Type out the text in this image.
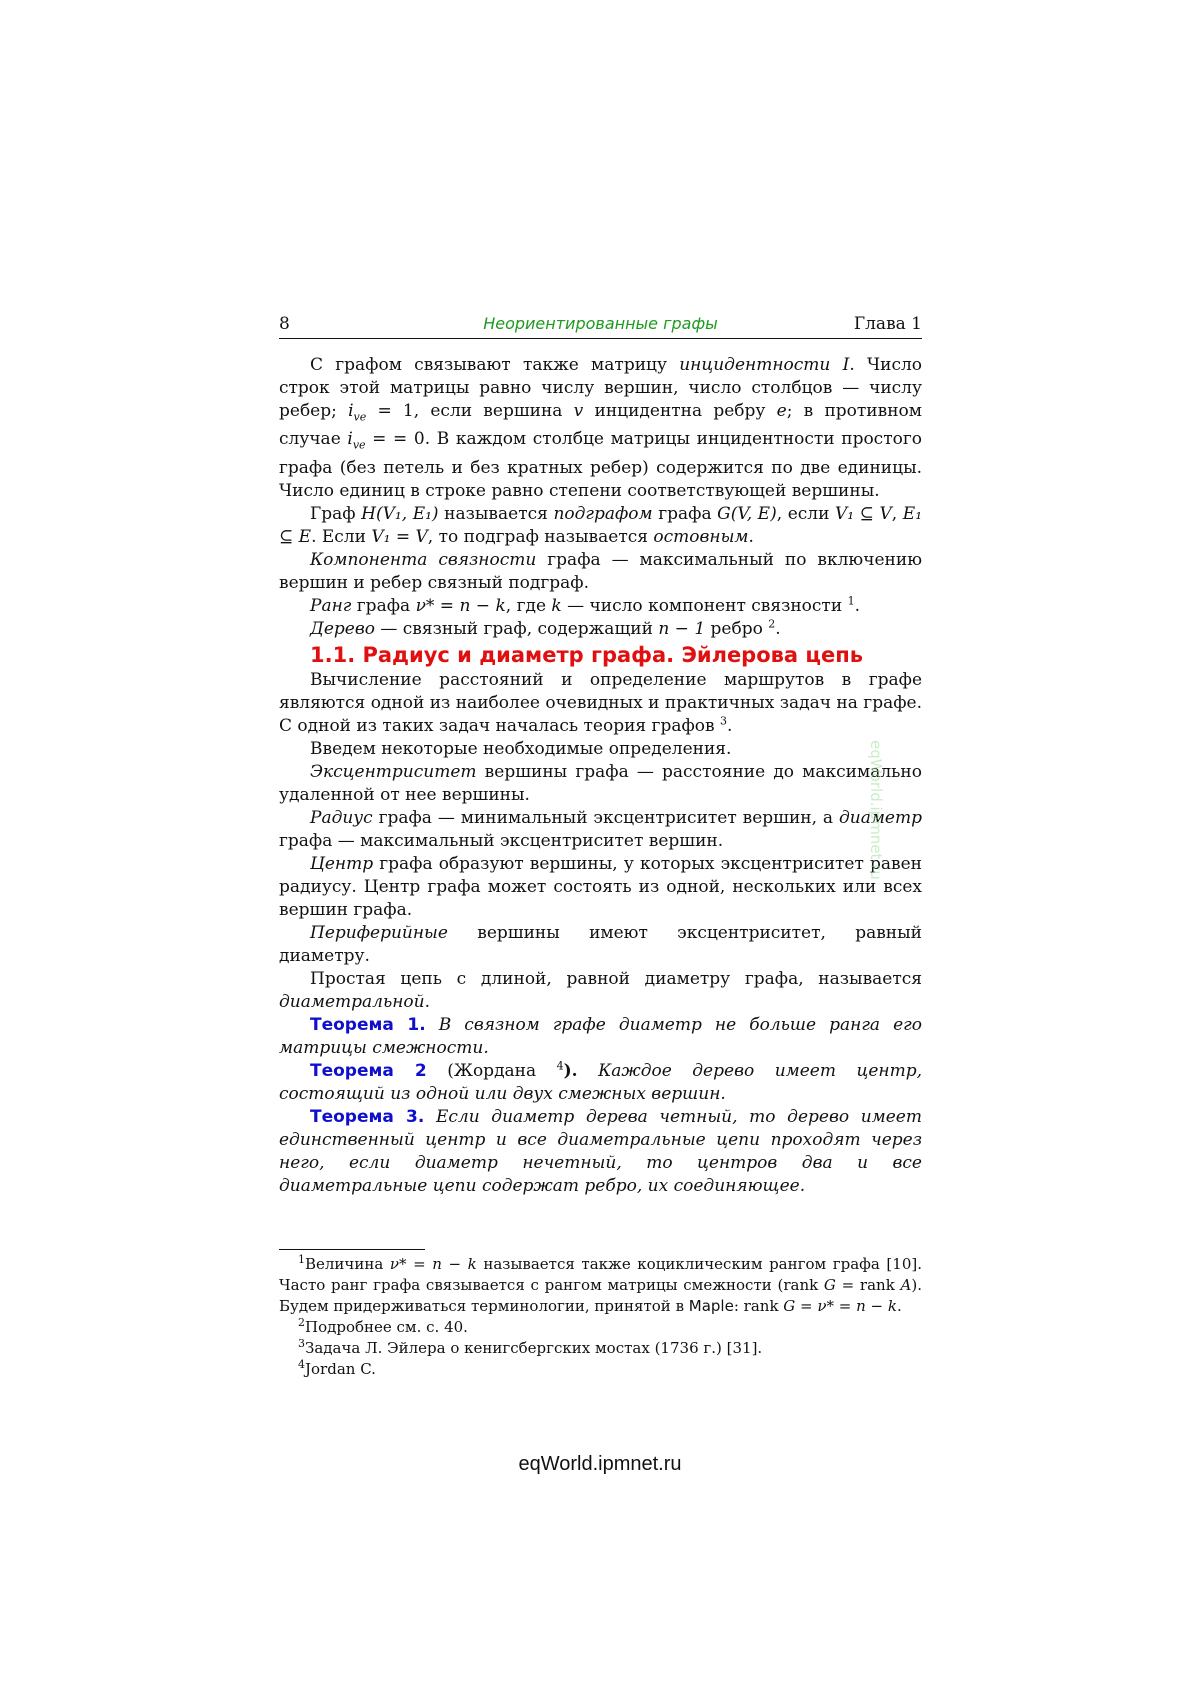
8	Неориентированные графы	Глава 1

С графом связывают также матрицу инцидентности I. Число строк этой матрицы равно числу вершин, число столбцов — числу ребер; $i_{ve} = 1$, если вершина v инцидентна ребру e; в противном случае $i_{ve}$ = = 0. В каждом столбце матрицы инцидентности простого графа (без петель и без кратных ребер) содержится по две единицы. Число единиц в строке равно степени соответствующей вершины.

Граф H(V₁, E₁) называется подграфом графа G(V, E), если V₁ ⊆ V, E₁ ⊆ E. Если V₁ = V, то подграф называется остовным.

Компонента связности графа — максимальный по включению вершин и ребер связный подграф.

Ранг графа ν* = n − k, где k — число компонент связности $^1$.

Дерево — связный граф, содержащий n − 1 ребро $^2$.

1.1. Радиус и диаметр графа. Эйлерова цепь

Вычисление расстояний и определение маршрутов в графе являются одной из наиболее очевидных и практичных задач на графе. С одной из таких задач началась теория графов $^3$.

Введем некоторые необходимые определения.

Эксцентриситет вершины графа — расстояние до максимально удаленной от нее вершины.

Радиус графа — минимальный эксцентриситет вершин, а диаметр графа — максимальный эксцентриситет вершин.

Центр графа образуют вершины, у которых эксцентриситет равен радиусу. Центр графа может состоять из одной, нескольких или всех вершин графа.

Периферийные вершины имеют эксцентриситет, равный диаметру.

Простая цепь с длиной, равной диаметру графа, называется диаметральной.

Теорема 1. В связном графе диаметр не больше ранга его матрицы смежности.

Теорема 2 (Жордана $^4$). Каждое дерево имеет центр, состоящий из одной или двух смежных вершин.

Теорема 3. Если диаметр дерева четный, то дерево имеет единственный центр и все диаметральные цепи проходят через него, если диаметр нечетный, то центров два и все диаметральные цепи содержат ребро, их соединяющее.

$^1$Величина ν* = n − k называется также коцикличеcким рангом графа [10]. Часто ранг графа связывается с рангом матрицы смежности (rank G = rank A). Будем придерживаться терминологии, принятой в Maple: rank G = ν* = n − k.

$^2$Подробнее см. с. 40.

$^3$Задача Л. Эйлера о кенигсбергских мостах (1736 г.) [31].

$^4$Jordan C.

eqWorld.ipmnet.ru
eqWorld.ipmnet.ru
